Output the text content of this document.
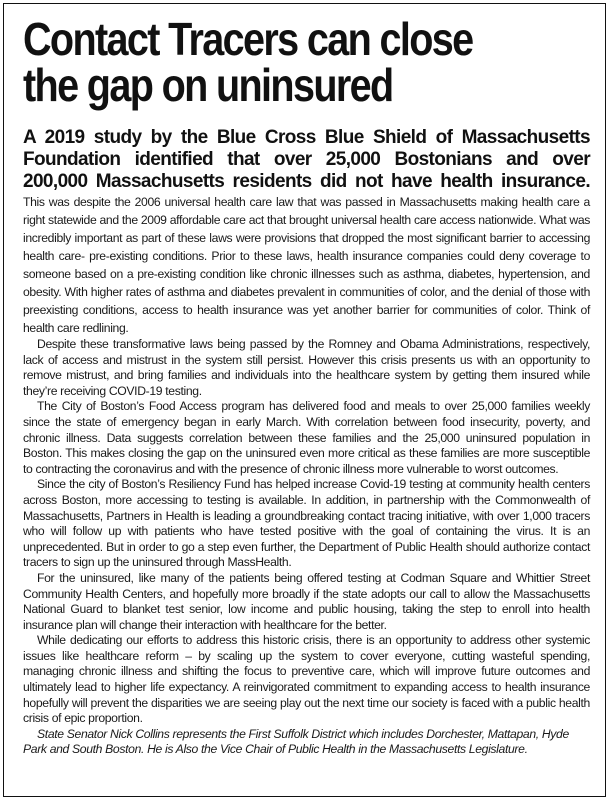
Contact Tracers can close
the gap on uninsured

A 2019 study by the Blue Cross Blue Shield of Massachusetts Foundation identified that over 25,000 Bostonians and over 200,000 Massachusetts residents did not have health insurance. This was despite the 2006 universal health care law that was passed in Massachusetts making health care a right statewide and the 2009 affordable care act that brought universal health care access nationwide. What was incredibly important as part of these laws were provisions that dropped the most significant barrier to accessing health care- pre-existing conditions. Prior to these laws, health insurance companies could deny coverage to someone based on a pre-existing condition like chronic illnesses such as asthma, diabetes, hypertension, and obesity. With higher rates of asthma and diabetes prevalent in communities of color, and the denial of those with preexisting conditions, access to health insurance was yet another barrier for communities of color. Think of health care redlining.

Despite these transformative laws being passed by the Romney and Obama Administrations, respectively, lack of access and mistrust in the system still persist. However this crisis presents us with an opportunity to remove mistrust, and bring families and individuals into the healthcare system by getting them insured while they’re receiving COVID-19 testing.

The City of Boston’s Food Access program has delivered food and meals to over 25,000 families weekly since the state of emergency began in early March. With correlation between food insecurity, poverty, and chronic illness. Data suggests correlation between these families and the 25,000 uninsured population in Boston. This makes closing the gap on the uninsured even more critical as these families are more susceptible to contracting the coronavirus and with the presence of chronic illness more vulnerable to worst outcomes.

Since the city of Boston’s Resiliency Fund has helped increase Covid-19 testing at community health centers across Boston, more accessing to testing is available. In addition, in partnership with the Commonwealth of Massachusetts, Partners in Health is leading a groundbreaking contact tracing initiative, with over 1,000 tracers who will follow up with patients who have tested positive with the goal of containing the virus. It is an unprecedented. But in order to go a step even further, the Department of Public Health should authorize contact tracers to sign up the uninsured through MassHealth.

For the uninsured, like many of the patients being offered testing at Codman Square and Whittier Street Community Health Centers, and hopefully more broadly if the state adopts our call to allow the Massachusetts National Guard to blanket test senior, low income and public housing, taking the step to enroll into health insurance plan will change their interaction with healthcare for the better.

While dedicating our efforts to address this historic crisis, there is an opportunity to address other systemic issues like healthcare reform – by scaling up the system to cover everyone, cutting wasteful spending, managing chronic illness and shifting the focus to preventive care, which will improve future outcomes and ultimately lead to higher life expectancy. A reinvigorated commitment to expanding access to health insurance hopefully will prevent the disparities we are seeing play out the next time our society is faced with a public health crisis of epic proportion.

State Senator Nick Collins represents the First Suffolk District which includes Dorchester, Mattapan, Hyde Park and South Boston. He is Also the Vice Chair of Public Health in the Massachusetts Legislature.
